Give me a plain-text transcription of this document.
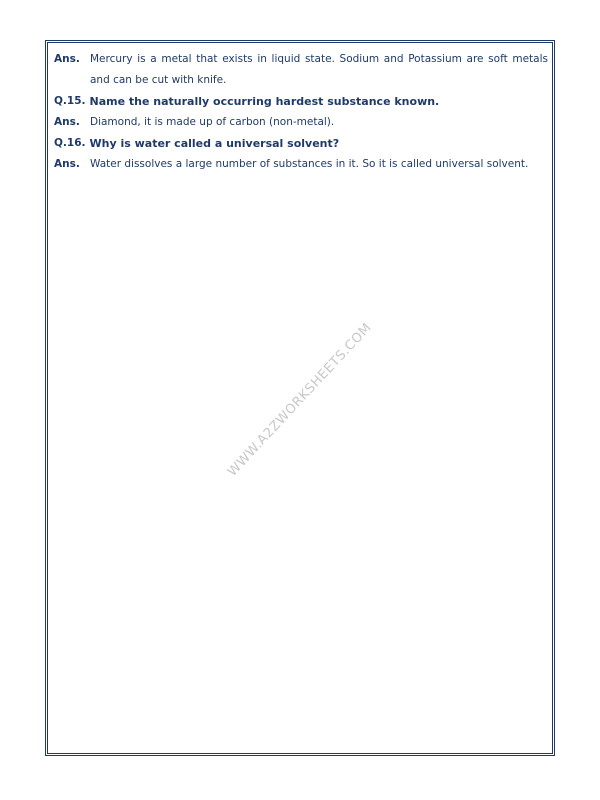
Ans. Mercury is a metal that exists in liquid state. Sodium and Potassium are soft metals and can be cut with knife.
Q.15. Name the naturally occurring hardest substance known.
Ans. Diamond, it is made up of carbon (non-metal).
Q.16. Why is water called a universal solvent?
Ans. Water dissolves a large number of substances in it. So it is called universal solvent.
WWW.A2ZWORKSHEETS.COM
